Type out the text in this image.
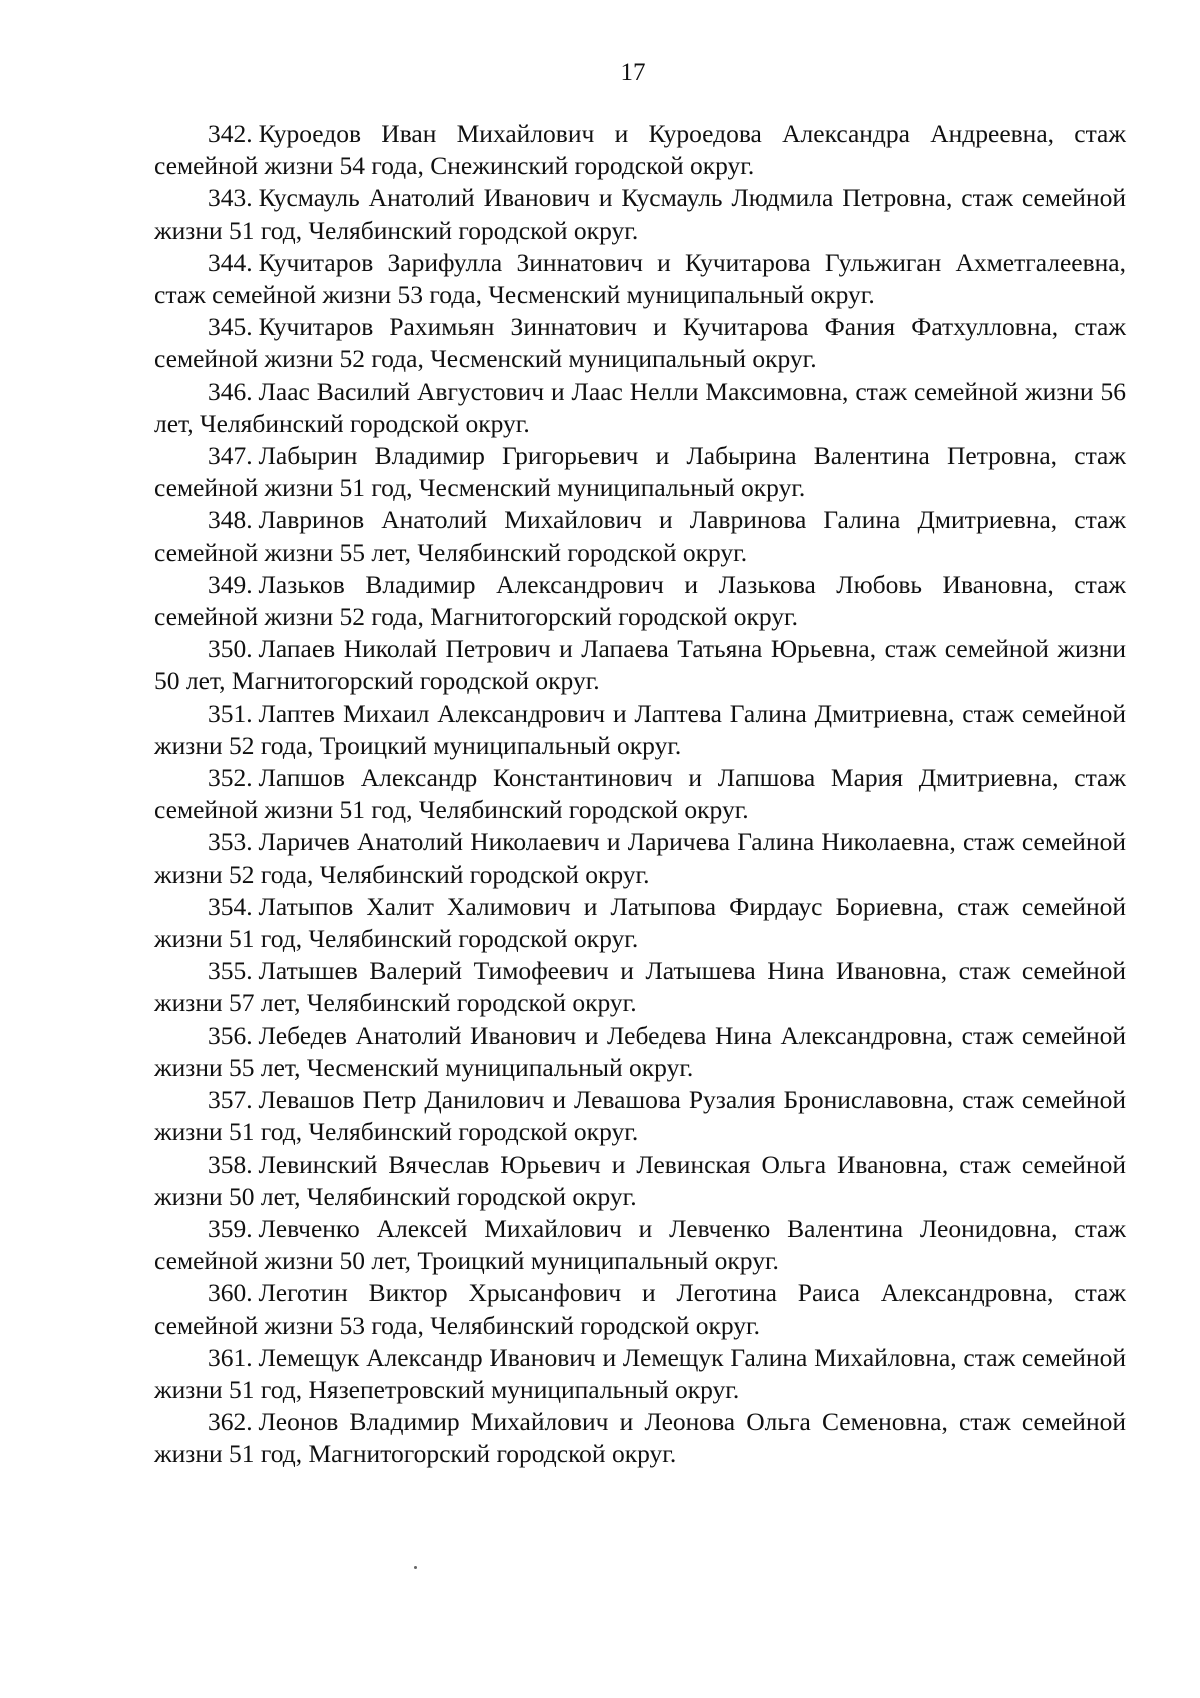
17

342. Куроедов Иван Михайлович и Куроедова Александра Андреевна, стаж семейной жизни 54 года, Снежинский городской округ.

343. Кусмауль Анатолий Иванович и Кусмауль Людмила Петровна, стаж семейной жизни 51 год, Челябинский городской округ.

344. Кучитаров Зарифулла Зиннатович и Кучитарова Гульжиган Ахметгалеевна, стаж семейной жизни 53 года, Чесменский муниципальный округ.

345. Кучитаров Рахимьян Зиннатович и Кучитарова Фания Фатхулловна, стаж семейной жизни 52 года, Чесменский муниципальный округ.

346. Лаас Василий Августович и Лаас Нелли Максимовна, стаж семейной жизни 56 лет, Челябинский городской округ.

347. Лабырин Владимир Григорьевич и Лабырина Валентина Петровна, стаж семейной жизни 51 год, Чесменский муниципальный округ.

348. Лавринов Анатолий Михайлович и Лавринова Галина Дмитриевна, стаж семейной жизни 55 лет, Челябинский городской округ.

349. Лазьков Владимир Александрович и Лазькова Любовь Ивановна, стаж семейной жизни 52 года, Магнитогорский городской округ.

350. Лапаев Николай Петрович и Лапаева Татьяна Юрьевна, стаж семейной жизни 50 лет, Магнитогорский городской округ.

351. Лаптев Михаил Александрович и Лаптева Галина Дмитриевна, стаж семейной жизни 52 года, Троицкий муниципальный округ.

352. Лапшов Александр Константинович и Лапшова Мария Дмитриевна, стаж семейной жизни 51 год, Челябинский городской округ.

353. Ларичев Анатолий Николаевич и Ларичева Галина Николаевна, стаж семейной жизни 52 года, Челябинский городской округ.

354. Латыпов Халит Халимович и Латыпова Фирдаус Бориевна, стаж семейной жизни 51 год, Челябинский городской округ.

355. Латышев Валерий Тимофеевич и Латышева Нина Ивановна, стаж семейной жизни 57 лет, Челябинский городской округ.

356. Лебедев Анатолий Иванович и Лебедева Нина Александровна, стаж семейной жизни 55 лет, Чесменский муниципальный округ.

357. Левашов Петр Данилович и Левашова Рузалия Брониславовна, стаж семейной жизни 51 год, Челябинский городской округ.

358. Левинский Вячеслав Юрьевич и Левинская Ольга Ивановна, стаж семейной жизни 50 лет, Челябинский городской округ.

359. Левченко Алексей Михайлович и Левченко Валентина Леонидовна, стаж семейной жизни 50 лет, Троицкий муниципальный округ.

360. Леготин Виктор Хрысанфович и Леготина Раиса Александровна, стаж семейной жизни 53 года, Челябинский городской округ.

361. Лемещук Александр Иванович и Лемещук Галина Михайловна, стаж семейной жизни 51 год, Нязепетровский муниципальный округ.

362. Леонов Владимир Михайлович и Леонова Ольга Семеновна, стаж семейной жизни 51 год, Магнитогорский городской округ.
